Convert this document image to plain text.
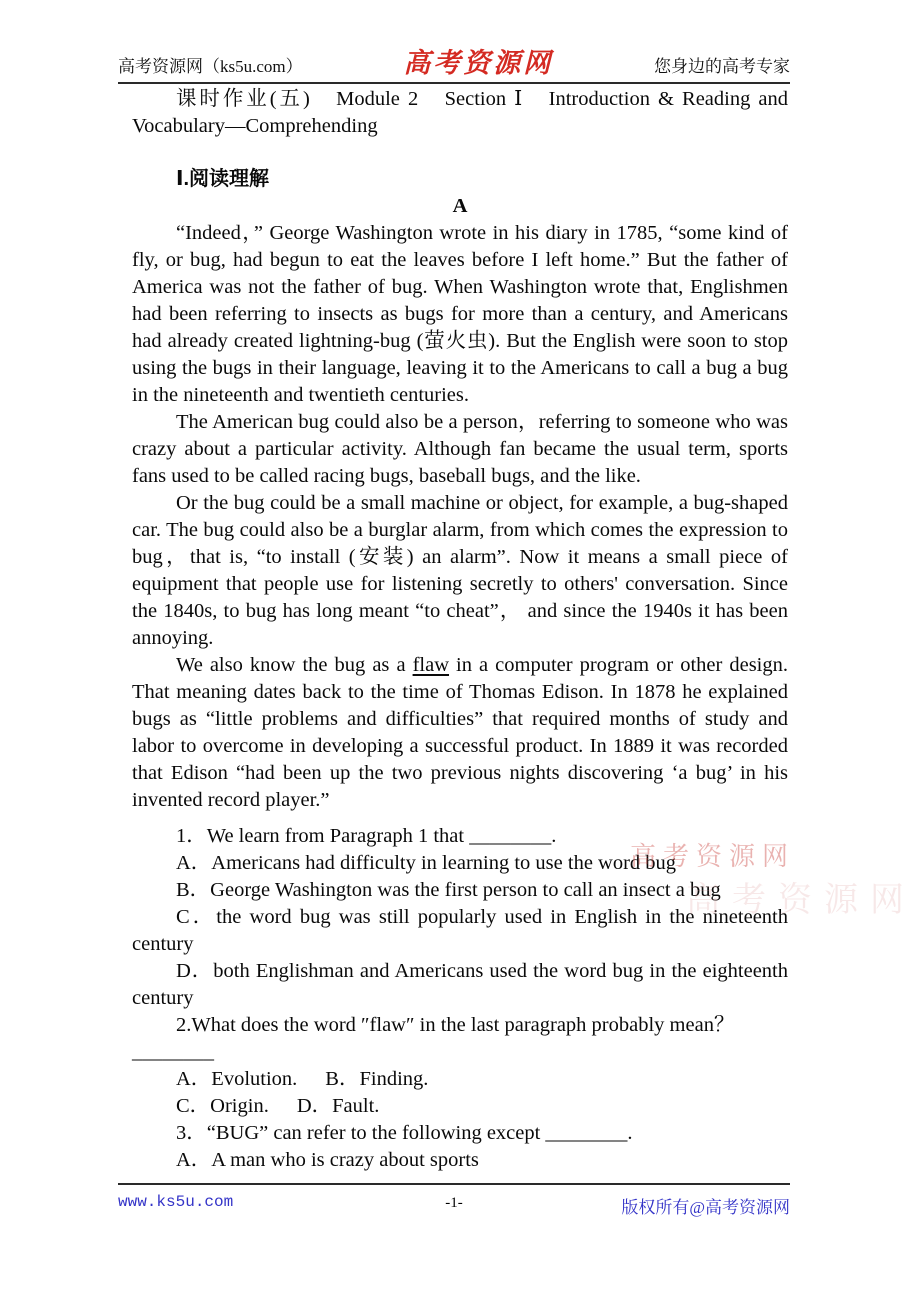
高考资源网（ks5u.com）	高考资源网	您身边的高考专家

课时作业(五)　Module 2　Section Ⅰ　Introduction & Reading and

Vocabulary—Comprehending

Ⅰ.阅读理解

A

“Indeed，” George Washington wrote in his diary in 1785, “some kind of fly, or bug, had begun to eat the leaves before I left home.” But the father of America was not the father of bug. When Washington wrote that, Englishmen had been referring to insects as bugs for more than a century, and Americans had already created lightning-bug (萤火虫). But the English were soon to stop using the bugs in their language, leaving it to the Americans to call a bug a bug in the nineteenth and twentieth centuries.

The American bug could also be a person，referring to someone who was crazy about a particular activity. Although fan became the usual term, sports fans used to be called racing bugs, baseball bugs, and the like.

Or the bug could be a small machine or object, for example, a bug-shaped car. The bug could also be a burglar alarm, from which comes the expression to bug，that is, “to install (安装) an alarm”. Now it means a small piece of equipment that people use for listening secretly to others' conversation. Since the 1840s, to bug has long meant “to cheat”， and since the 1940s it has been annoying.

We also know the bug as a flaw in a computer program or other design. That meaning dates back to the time of Thomas Edison. In 1878 he explained bugs as “little problems and difficulties” that required months of study and labor to overcome in developing a successful product. In 1889 it was recorded that Edison “had been up the two previous nights discovering ‘a bug’ in his invented record player.”

1．We learn from Paragraph 1 that ________.

A．Americans had difficulty in learning to use the word bug

B．George Washington was the first person to call an insect a bug

C．the word bug was still popularly used in English in the nineteenth century

D．both Englishman and Americans used the word bug in the eighteenth century

2.What does the word ″flaw″ in the last paragraph probably mean？

________

A．Evolution. B．Finding.

C．Origin. D．Fault.

3．“BUG” can refer to the following except ________.

A．A man who is crazy about sports

高考资源网
高考资源网
www.ks5u.com	-1-	版权所有@高考资源网
